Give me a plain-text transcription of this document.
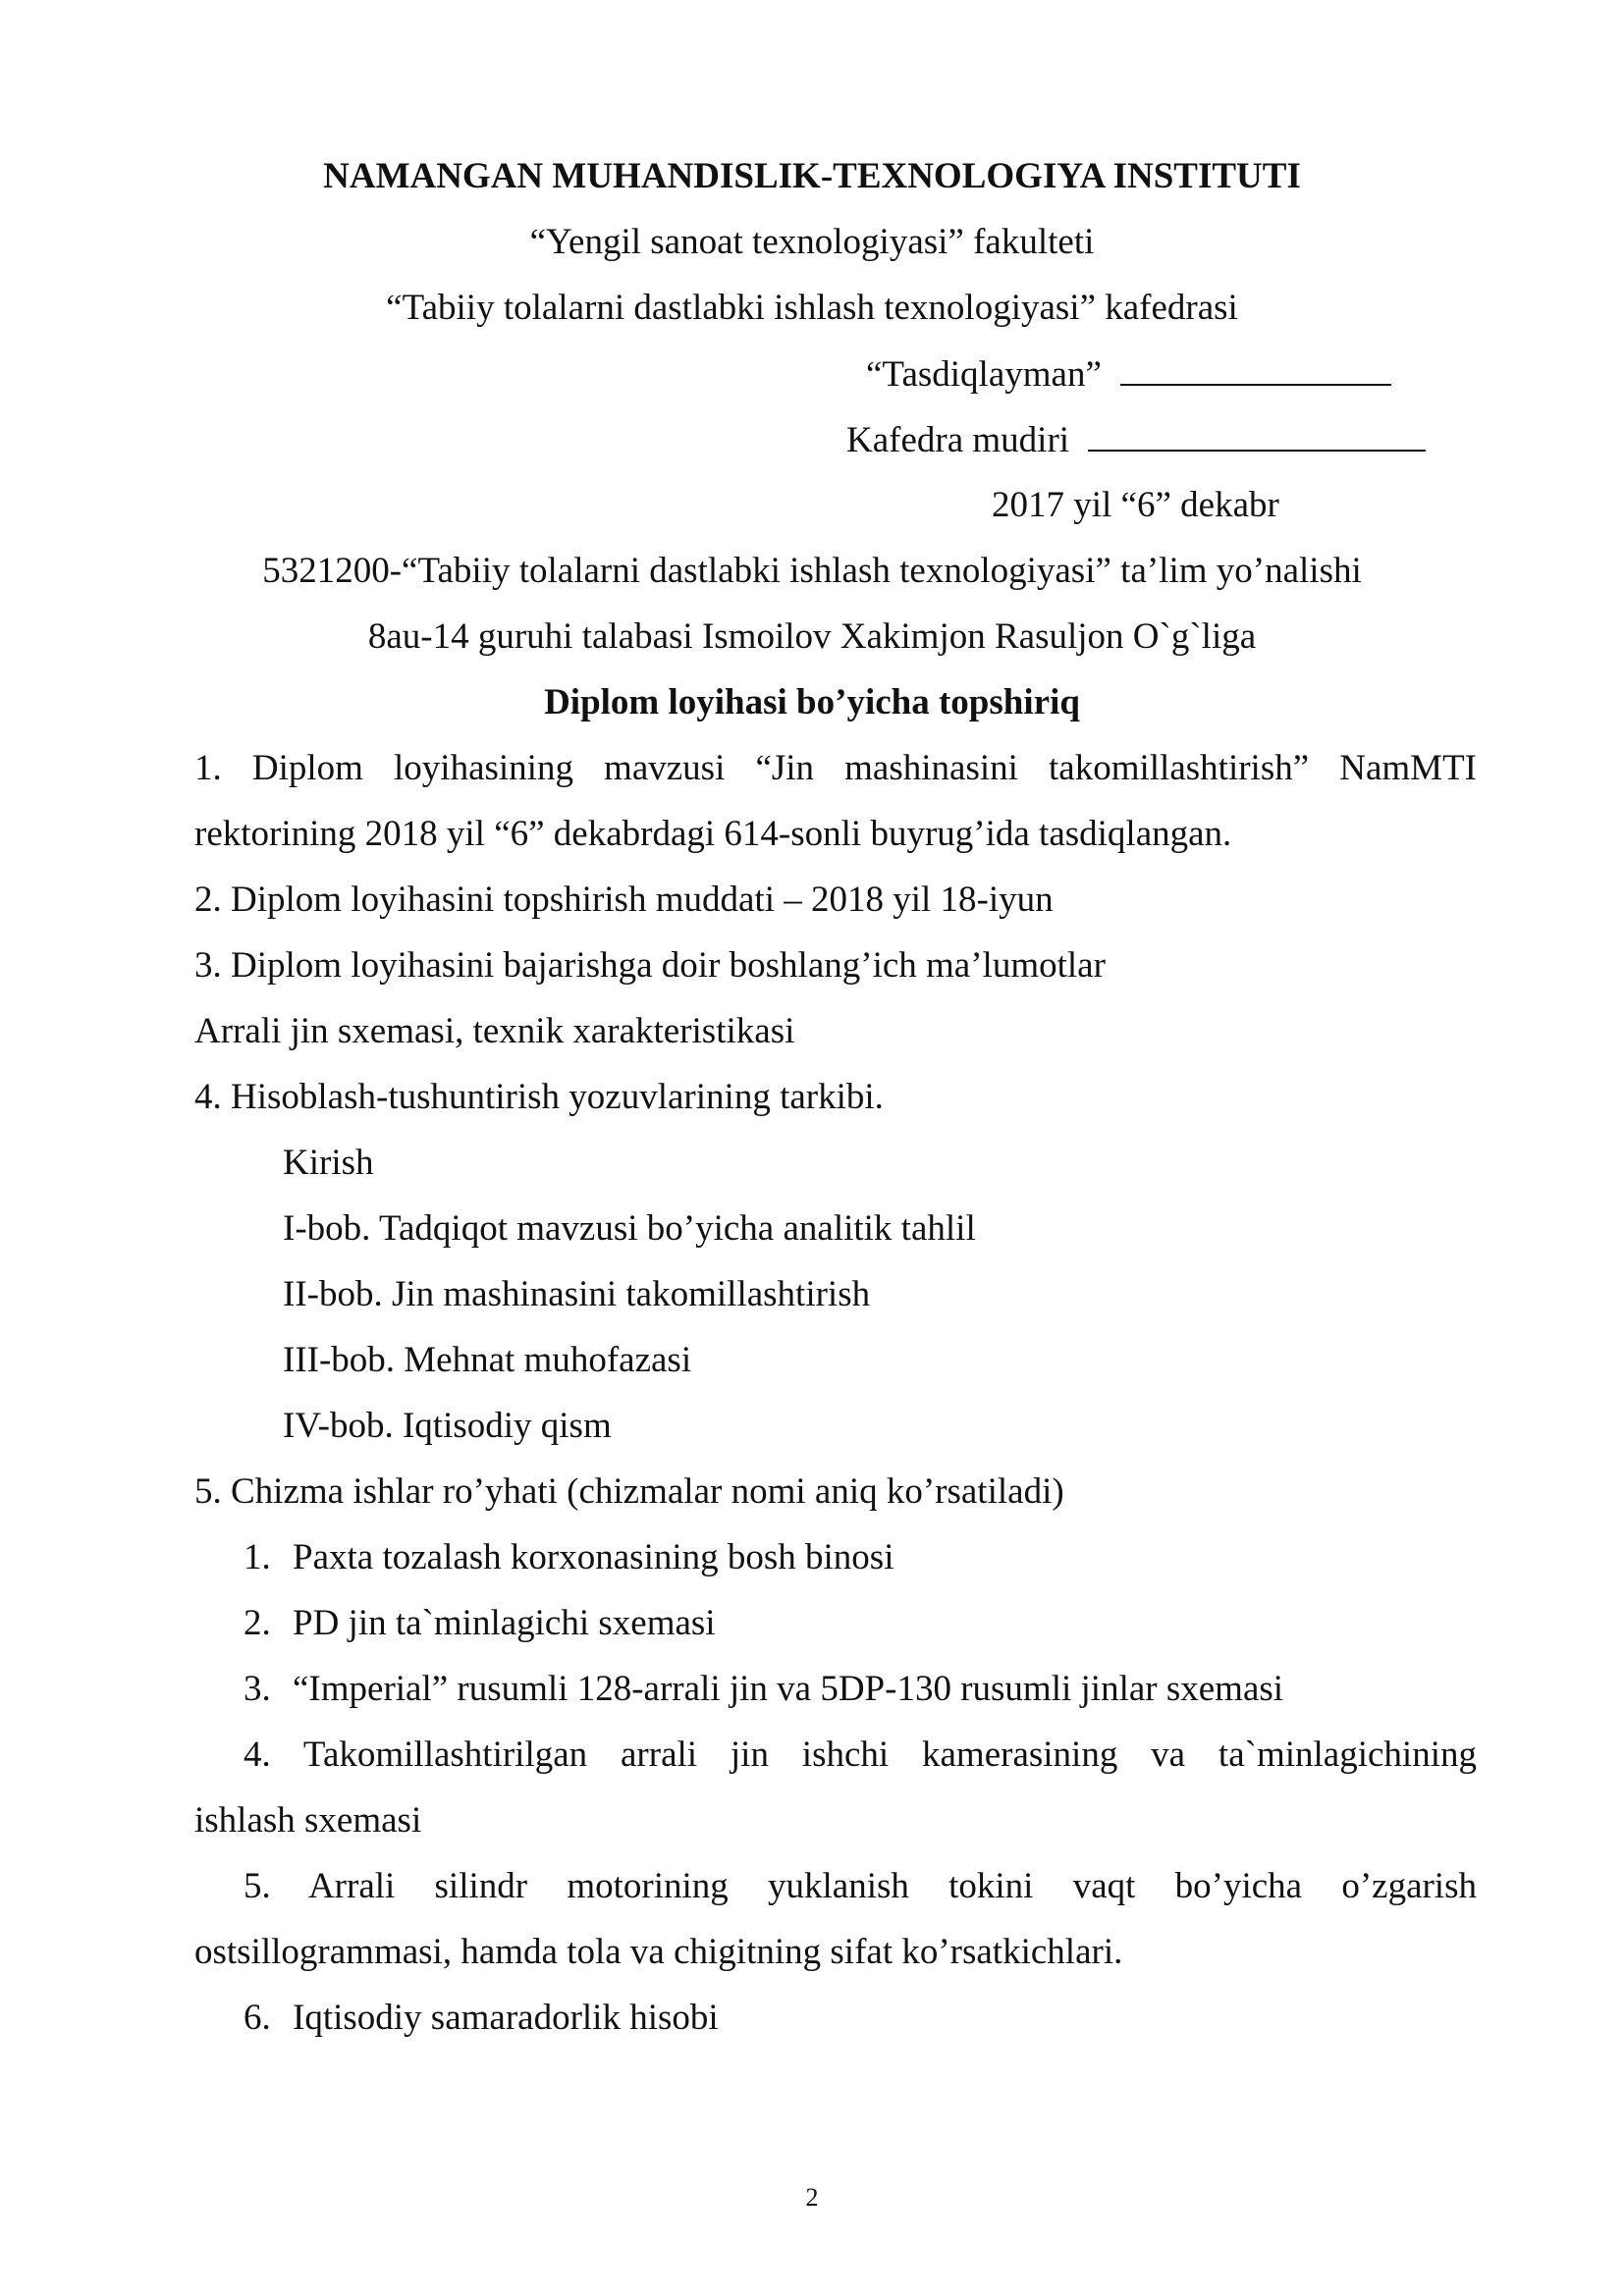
NAMANGAN MUHANDISLIK-TEXNOLOGIYA INSTITUTI
“Yengil sanoat texnologiyasi” fakulteti
“Tabiiy tolalarni dastlabki ishlash texnologiyasi” kafedrasi
“Tasdiqlayman”
Kafedra mudiri
2017 yil “6” dekabr
5321200-“Tabiiy tolalarni dastlabki ishlash texnologiyasi” ta’lim yo’nalishi
8au-14 guruhi talabasi Ismoilov Xakimjon Rasuljon O`g`liga
Diplom loyihasi bo’yicha topshiriq
1. Diplom loyihasining mavzusi “Jin mashinasini takomillashtirish” NamMTI
rektorining 2018 yil “6” dekabrdagi 614-sonli buyrug’ida tasdiqlangan.
2. Diplom loyihasini topshirish muddati – 2018 yil 18-iyun
3. Diplom loyihasini bajarishga doir boshlang’ich ma’lumotlar
Arrali jin sxemasi, texnik xarakteristikasi
4. Hisoblash-tushuntirish yozuvlarining tarkibi.
Kirish
I-bob. Tadqiqot mavzusi bo’yicha analitik tahlil
II-bob. Jin mashinasini takomillashtirish
III-bob. Mehnat muhofazasi
IV-bob. Iqtisodiy qism
5. Chizma ishlar ro’yhati (chizmalar nomi aniq ko’rsatiladi)
1. Paxta tozalash korxonasining bosh binosi
2. PD jin ta`minlagichi sxemasi
3. “Imperial” rusumli 128-arrali jin va 5DP-130 rusumli jinlar sxemasi
4. Takomillashtirilgan arrali jin ishchi kamerasining va ta`minlagichining
ishlash sxemasi
5. Arrali silindr motorining yuklanish tokini vaqt bo’yicha o’zgarish
ostsillogrammasi, hamda tola va chigitning sifat ko’rsatkichlari.
6. Iqtisodiy samaradorlik hisobi
2
